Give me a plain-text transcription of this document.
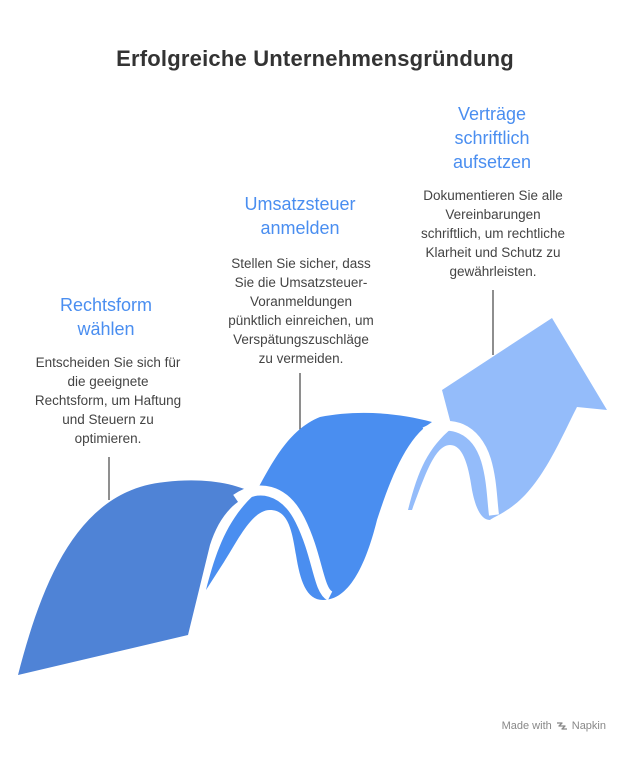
Erfolgreiche Unternehmensgründung
Rechtsform
wählen
Entscheiden Sie sich für
die geeignete
Rechtsform, um Haftung
und Steuern zu
optimieren.
Umsatzsteuer
anmelden
Stellen Sie sicher, dass
Sie die Umsatzsteuer-
Voranmeldungen
pünktlich einreichen, um
Verspätungszuschläge
zu vermeiden.
Verträge
schriftlich
aufsetzen
Dokumentieren Sie alle
Vereinbarungen
schriftlich, um rechtliche
Klarheit und Schutz zu
gewährleisten.
Made with Napkin
